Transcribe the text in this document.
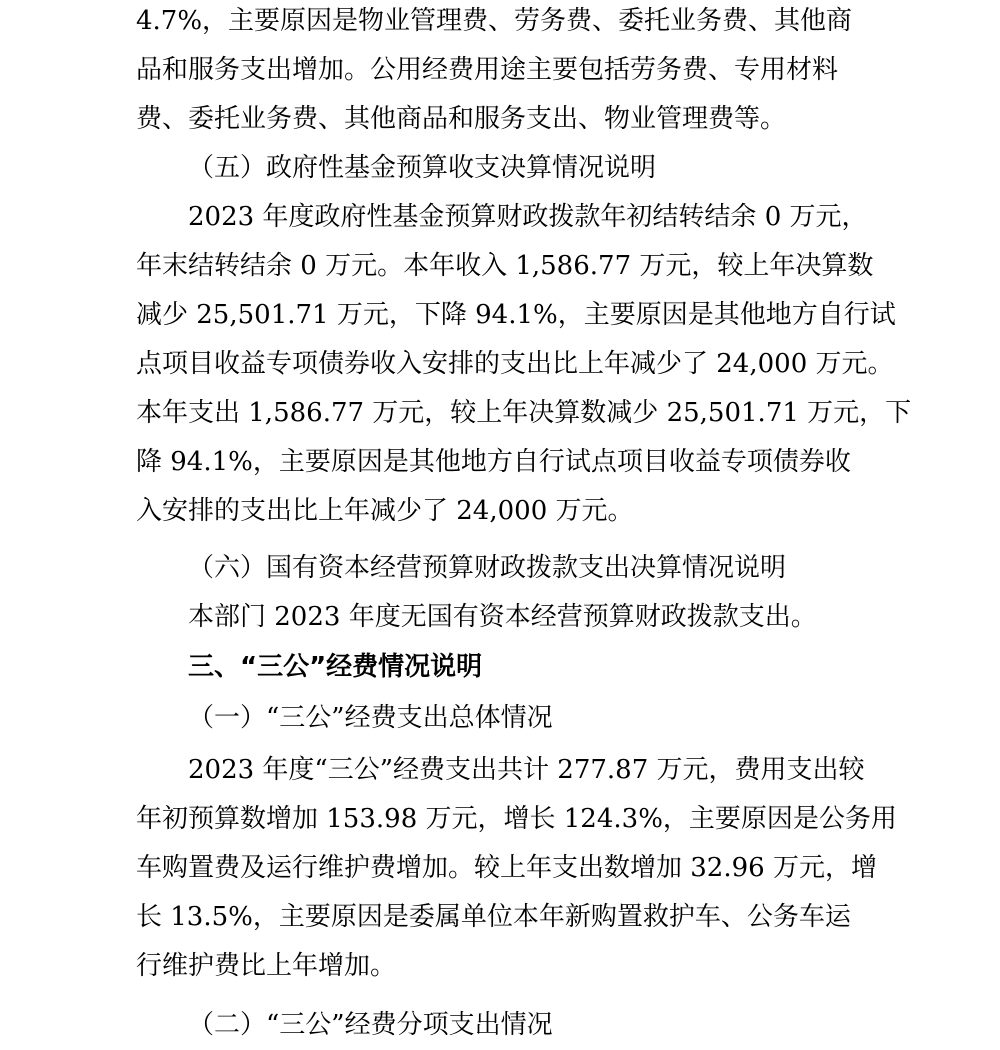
4.7%，主要原因是物业管理费、劳务费、委托业务费、其他商
品和服务支出增加。公用经费用途主要包括劳务费、专用材料
费、委托业务费、其他商品和服务支出、物业管理费等。
（五）政府性基金预算收支决算情况说明
2023 年度政府性基金预算财政拨款年初结转结余 0 万元，
年末结转结余 0 万元。本年收入 1,586.77 万元，较上年决算数
减少 25,501.71 万元，下降 94.1%，主要原因是其他地方自行试
点项目收益专项债券收入安排的支出比上年减少了 24,000 万元。
本年支出 1,586.77 万元，较上年决算数减少 25,501.71 万元，下
降 94.1%，主要原因是其他地方自行试点项目收益专项债券收
入安排的支出比上年减少了 24,000 万元。
（六）国有资本经营预算财政拨款支出决算情况说明
本部门 2023 年度无国有资本经营预算财政拨款支出。
三、“三公”经费情况说明
（一）“三公”经费支出总体情况
2023 年度“三公”经费支出共计 277.87 万元，费用支出较
年初预算数增加 153.98 万元，增长 124.3%，主要原因是公务用
车购置费及运行维护费增加。较上年支出数增加 32.96 万元，增
长 13.5%，主要原因是委属单位本年新购置救护车、公务车运
行维护费比上年增加。
（二）“三公”经费分项支出情况
